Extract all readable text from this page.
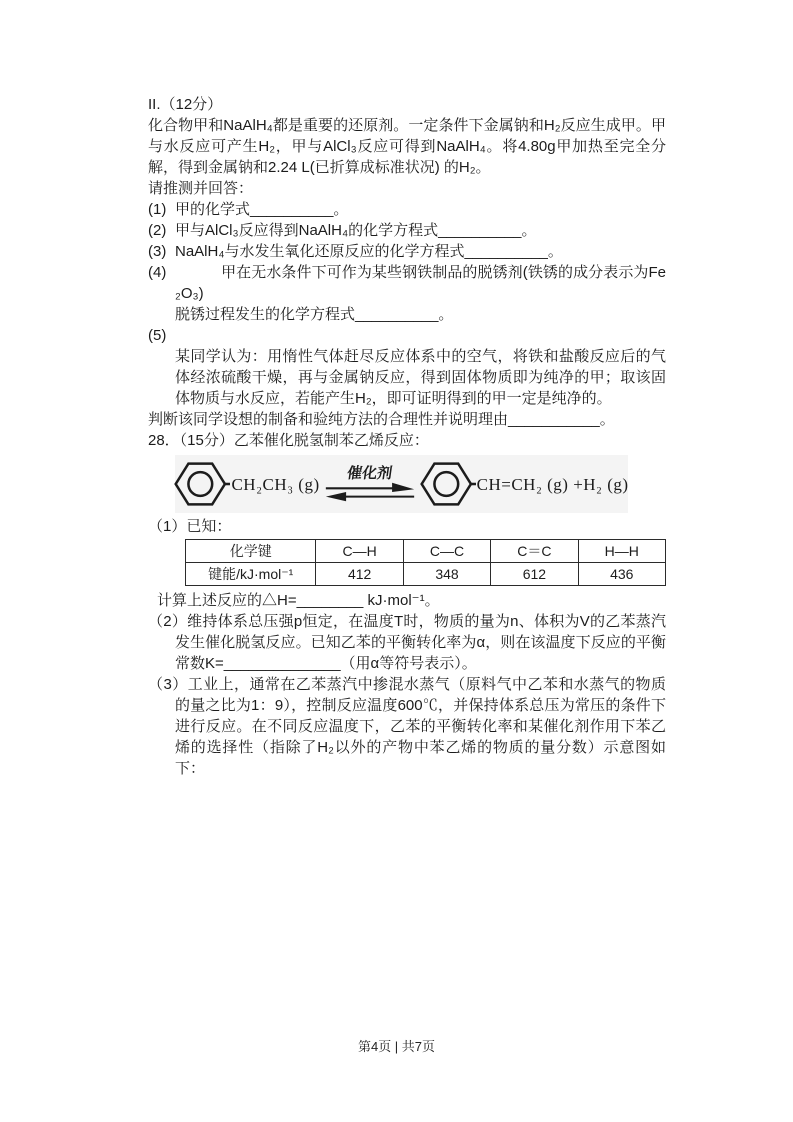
II.（12分）
化合物甲和NaAlH₄都是重要的还原剂。一定条件下金属钠和H₂反应生成甲。甲与水反应可产生H₂，甲与AlCl₃反应可得到NaAlH₄。将4.80g甲加热至完全分解，得到金属钠和2.24 L(已折算成标准状况) 的H₂。
请推测并回答：
(1) 甲的化学式__________。
(2) 甲与AlCl₃反应得到NaAlH₄的化学方程式__________。
(3) NaAlH₄与水发生氧化还原反应的化学方程式__________。
(4)	甲在无水条件下可作为某些钢铁制品的脱锈剂(铁锈的成分表示为Fe₂O₃)
脱锈过程发生的化学方程式__________。
(5)
某同学认为：用惰性气体赶尽反应体系中的空气，将铁和盐酸反应后的气体经浓硫酸干燥，再与金属钠反应，得到固体物质即为纯净的甲；取该固体物质与水反应，若能产生H₂，即可证明得到的甲一定是纯净的。
判断该同学设想的制备和验纯方法的合理性并说明理由___________。
28．（15分）乙苯催化脱氢制苯乙烯反应：
CH₂CH₃ (g)
催化剂
CH=CH₂ (g) +H₂ (g)
（1）已知：
化学键	C—H	C—C	C＝C	H—H
键能/kJ·mol⁻¹	412	348	612	436
计算上述反应的△H=________ kJ·mol⁻¹。
（2）维持体系总压强p恒定，在温度T时，物质的量为n、体积为V的乙苯蒸汽发生催化脱氢反应。已知乙苯的平衡转化率为α，则在该温度下反应的平衡常数K=______________（用α等符号表示）。
（3）工业上，通常在乙苯蒸汽中掺混水蒸气（原料气中乙苯和水蒸气的物质的量之比为1：9），控制反应温度600℃，并保持体系总压为常压的条件下进行反应。在不同反应温度下，乙苯的平衡转化率和某催化剂作用下苯乙烯的选择性（指除了H₂以外的产物中苯乙烯的物质的量分数）示意图如下：
第4页 | 共7页
